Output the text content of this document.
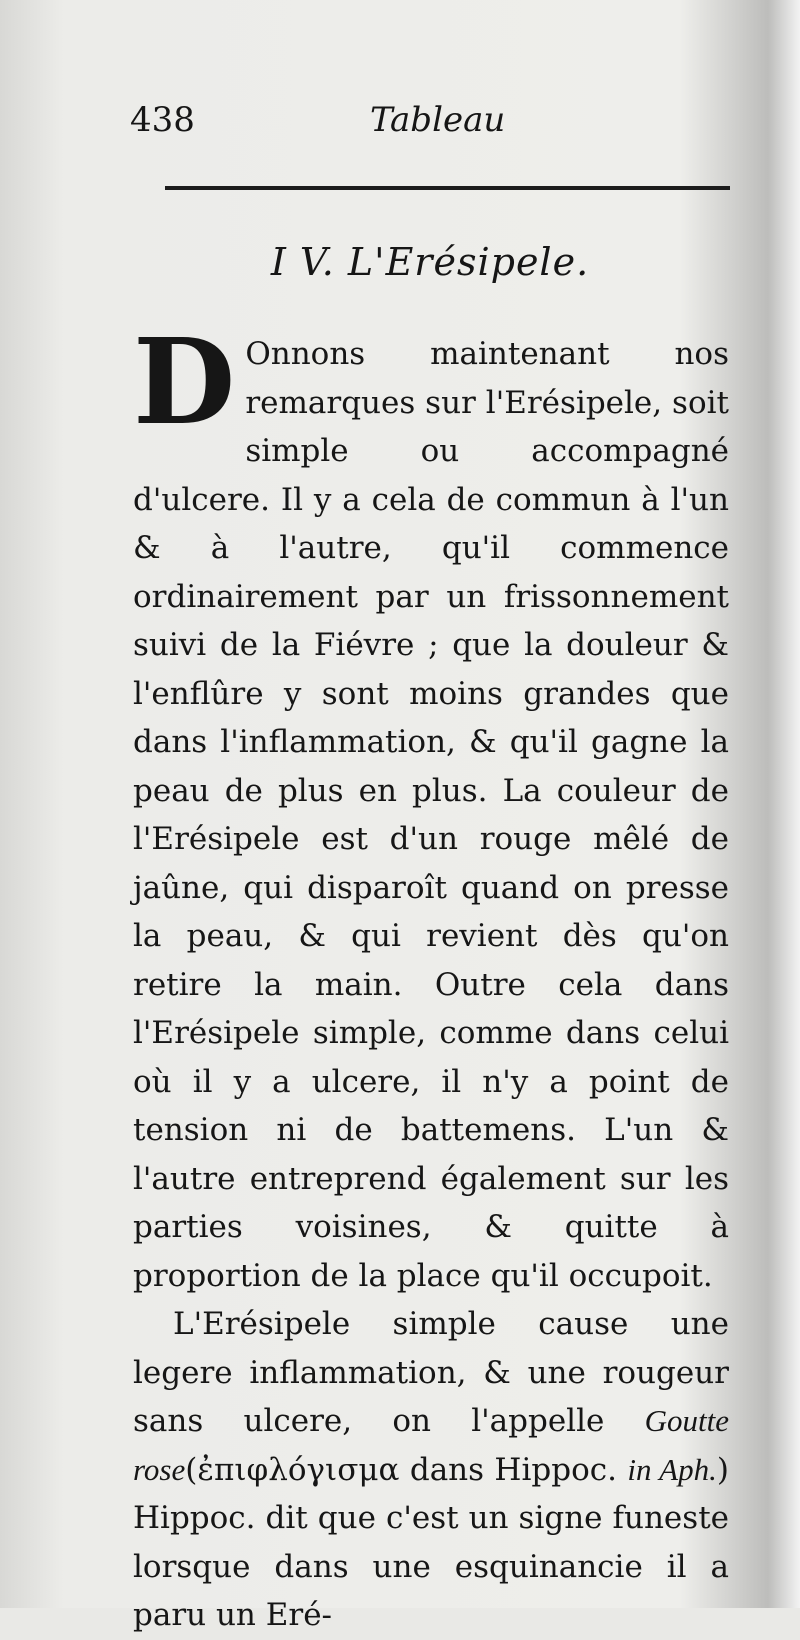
438	Tableau
I V. L'Erésipele.

D Onnons maintenant nos remarques sur l'Erésipele, soit simple ou accompagné d'ulcere. Il y a cela de commun à l'un & à l'autre, qu'il commence ordinairement par un frissonnement suivi de la Fiévre ; que la douleur & l'enflûre y sont moins grandes que dans l'inflammation, & qu'il gagne la peau de plus en plus. La couleur de l'Erésipele est d'un rouge mêlé de jaûne, qui disparoît quand on presse la peau, & qui revient dès qu'on retire la main. Outre cela dans l'Erésipele simple, comme dans celui où il y a ulcere, il n'y a point de tension ni de battemens. L'un & l'autre entreprend également sur les parties voisines, & quitte à proportion de la place qu'il occupoit.

L'Erésipele simple cause une legere inflammation, & une rougeur sans ulcere, on l'appelle Goutte rose(ἐπιφλόγισμα dans Hippoc. in Aph.) Hippoc. dit que c'est un signe funeste lorsque dans une esquinancie il a paru un Eré-
